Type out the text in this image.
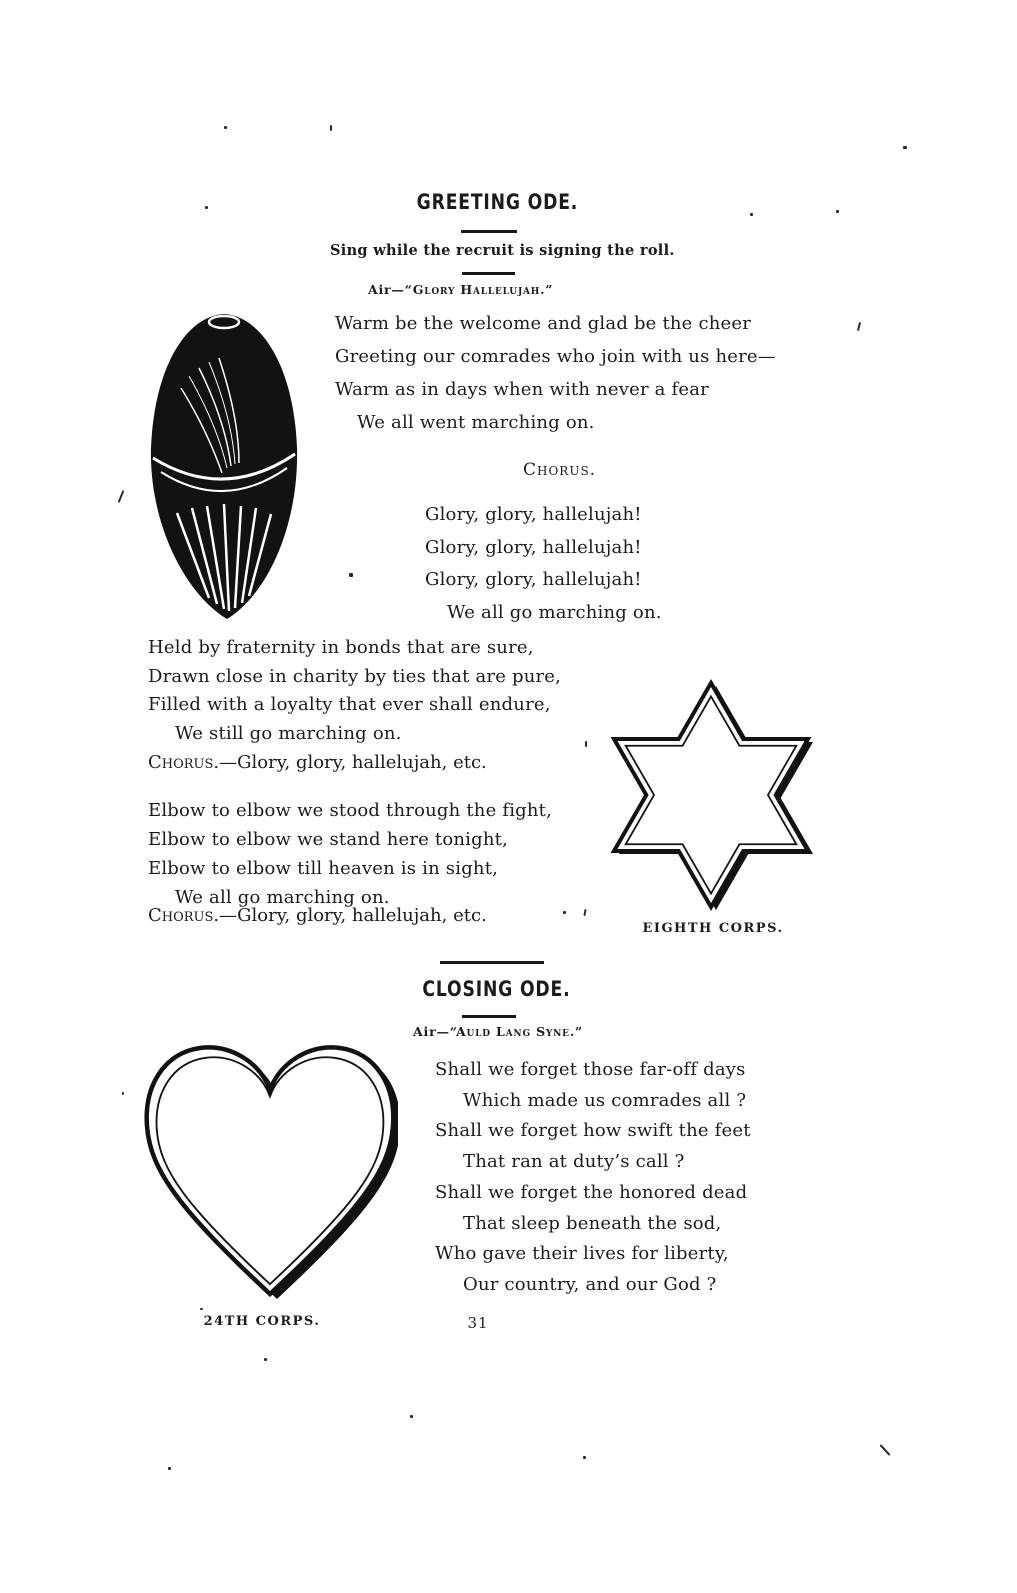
GREETING ODE.
Sing while the recruit is signing the roll.
Air—“Glory Hallelujah.”
Warm be the welcome and glad be the cheer
Greeting our comrades who join with us here—
Warm as in days when with never a fear
We all went marching on.
Chorus.
Glory, glory, hallelujah!
Glory, glory, hallelujah!
Glory, glory, hallelujah!
We all go marching on.
Held by fraternity in bonds that are sure,
Drawn close in charity by ties that are pure,
Filled with a loyalty that ever shall endure,
We still go marching on.
Chorus.—Glory, glory, hallelujah, etc.
Elbow to elbow we stood through the fight,
Elbow to elbow we stand here tonight,
Elbow to elbow till heaven is in sight,
We all go marching on.
Chorus.—Glory, glory, hallelujah, etc.
EIGHTH CORPS.
CLOSING ODE.
Air—“Auld Lang Syne.”
24TH CORPS.
Shall we forget those far-off days
Which made us comrades all ?
Shall we forget how swift the feet
That ran at duty’s call ?
Shall we forget the honored dead
That sleep beneath the sod,
Who gave their lives for liberty,
Our country, and our God ?
31
